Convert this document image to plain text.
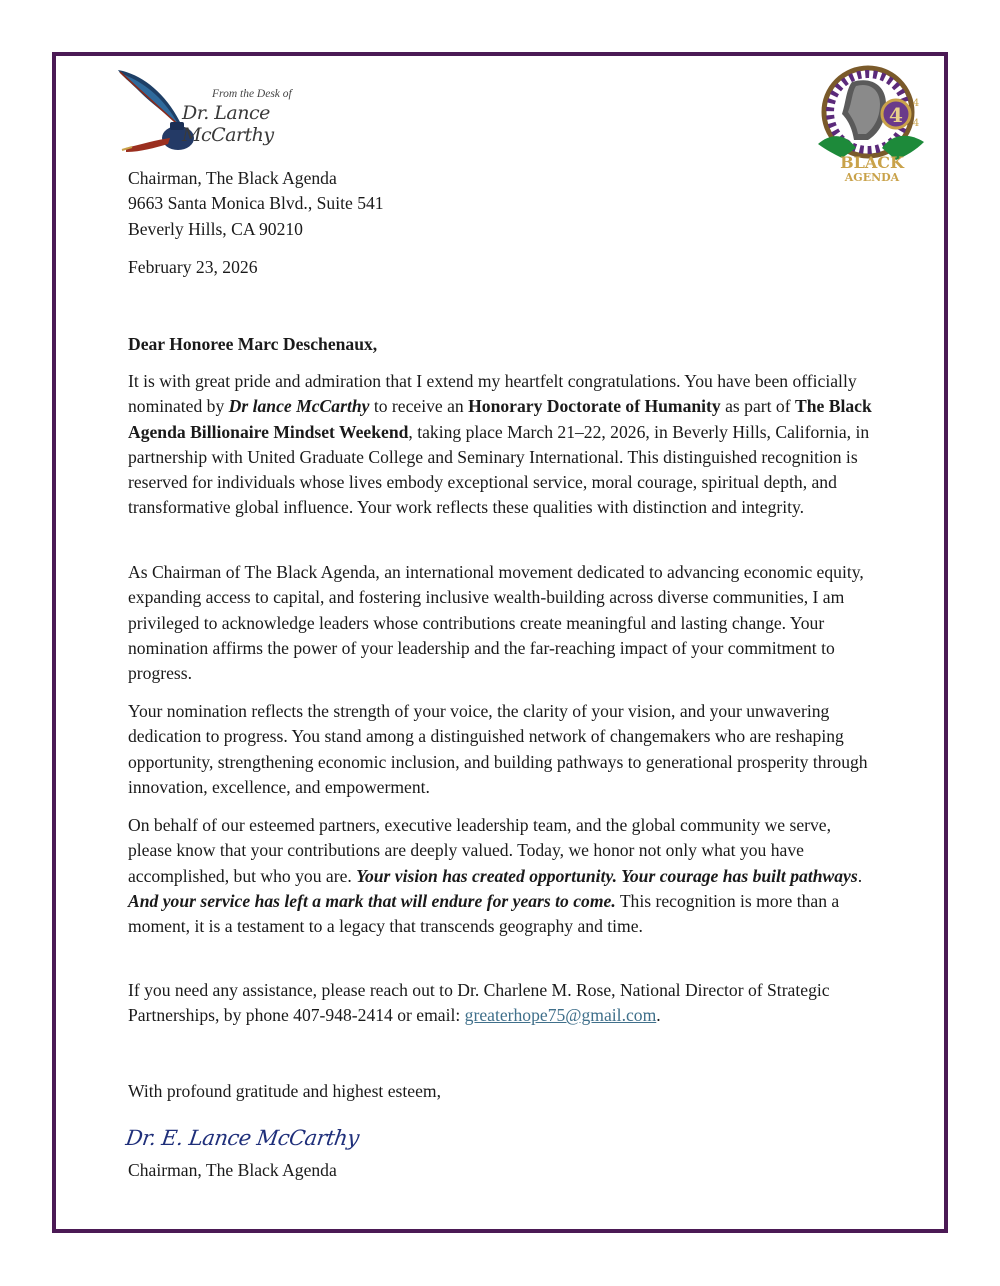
From the Desk of
Dr. Lance McCarthy
4 4
4
BLACK
AGENDA
Chairman, The Black Agenda
9663 Santa Monica Blvd., Suite 541
Beverly Hills, CA 90210
February 23, 2026
Dear Honoree Marc Deschenaux,

It is with great pride and admiration that I extend my heartfelt congratulations. You have been officially nominated by Dr lance McCarthy to receive an Honorary Doctorate of Humanity as part of The Black Agenda Billionaire Mindset Weekend, taking place March 21–22, 2026, in Beverly Hills, California, in partnership with United Graduate College and Seminary International. This distinguished recognition is reserved for individuals whose lives embody exceptional service, moral courage, spiritual depth, and transformative global influence. Your work reflects these qualities with distinction and integrity.

As Chairman of The Black Agenda, an international movement dedicated to advancing economic equity, expanding access to capital, and fostering inclusive wealth-building across diverse communities, I am privileged to acknowledge leaders whose contributions create meaningful and lasting change. Your nomination affirms the power of your leadership and the far-reaching impact of your commitment to progress.

Your nomination reflects the strength of your voice, the clarity of your vision, and your unwavering dedication to progress. You stand among a distinguished network of changemakers who are reshaping opportunity, strengthening economic inclusion, and building pathways to generational prosperity through innovation, excellence, and empowerment.

On behalf of our esteemed partners, executive leadership team, and the global community we serve, please know that your contributions are deeply valued. Today, we honor not only what you have accomplished, but who you are. Your vision has created opportunity. Your courage has built pathways. And your service has left a mark that will endure for years to come. This recognition is more than a moment, it is a testament to a legacy that transcends geography and time.

If you need any assistance, please reach out to Dr. Charlene M. Rose, National Director of Strategic Partnerships, by phone 407-948-2414 or email: greaterhope75@gmail.com.

With profound gratitude and highest esteem,
Dr. E. Lance McCarthy
Chairman, The Black Agenda
